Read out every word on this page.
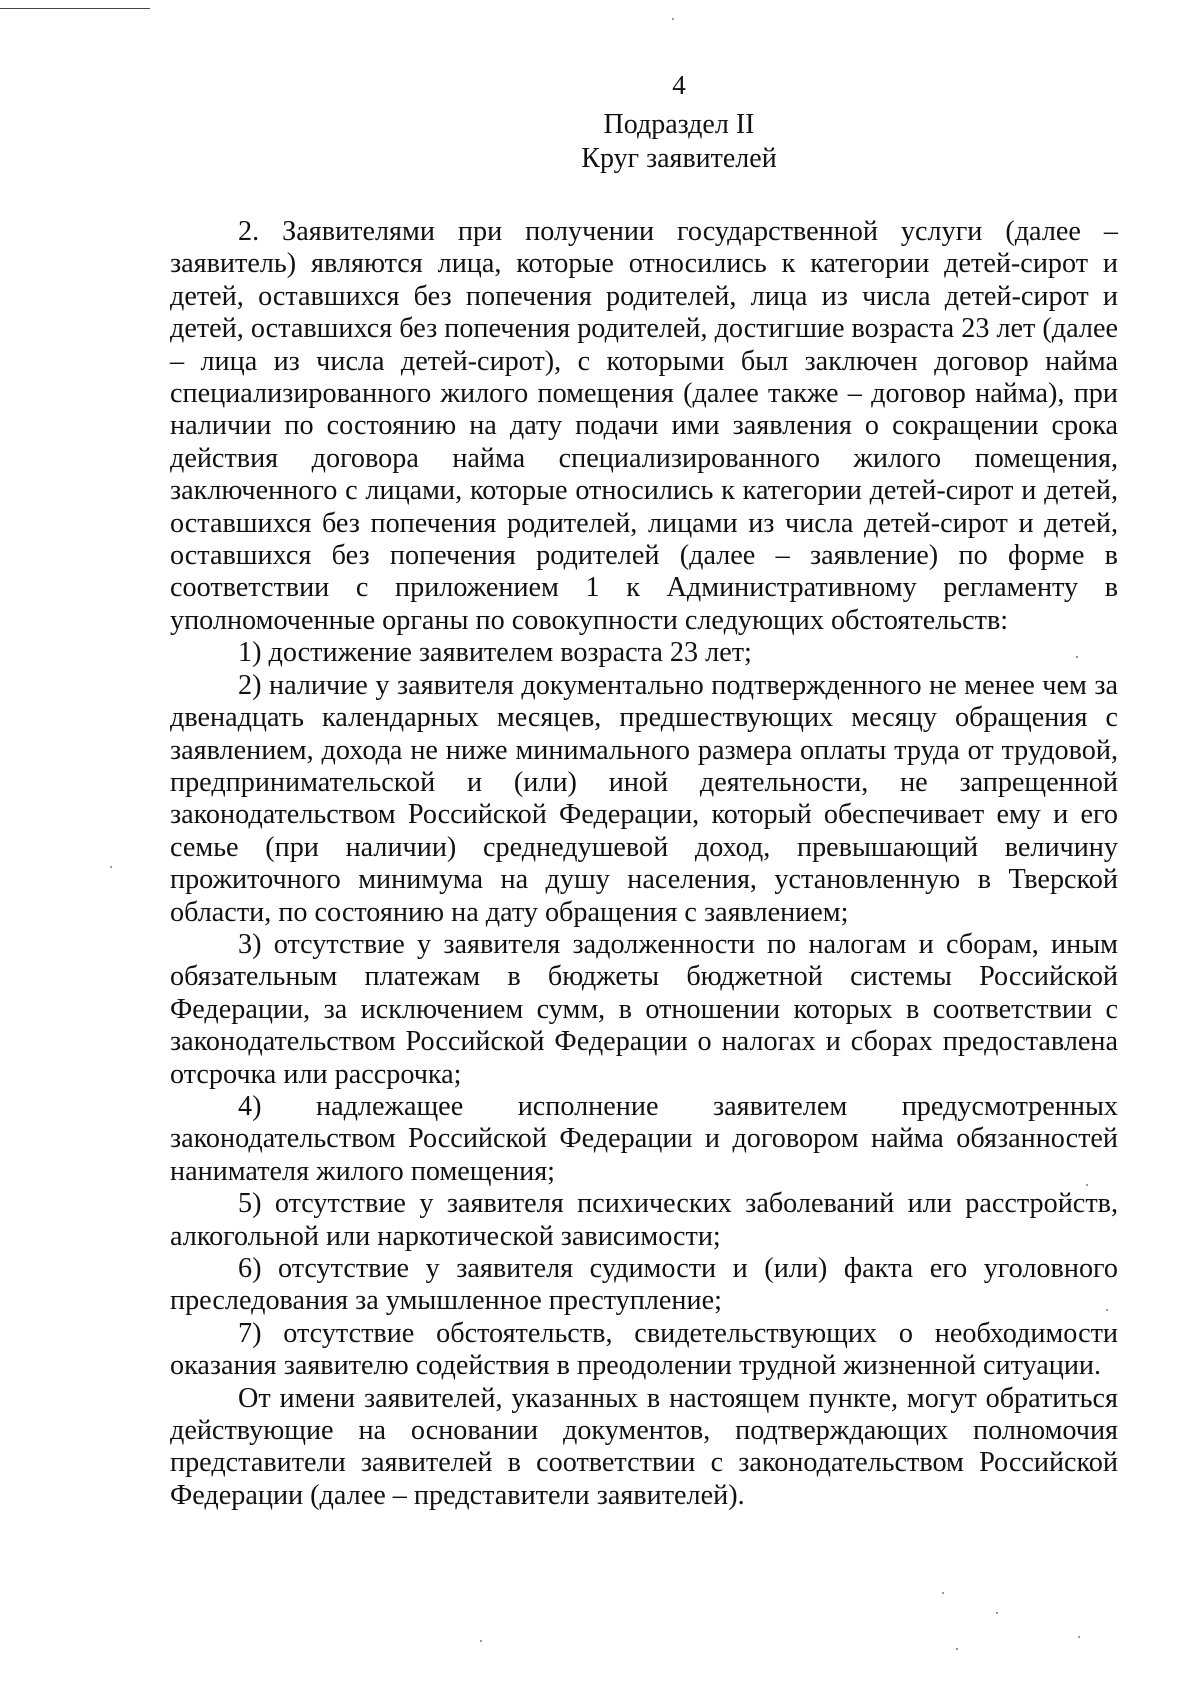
4
Подраздел II
Круг заявителей

2. Заявителями при получении государственной услуги (далее – заявитель) являются лица, которые относились к категории детей-сирот и детей, оставшихся без попечения родителей, лица из числа детей-сирот и детей, оставшихся без попечения родителей, достигшие возраста 23 лет (далее – лица из числа детей-сирот), с которыми был заключен договор найма специализированного жилого помещения (далее также – договор найма), при наличии по состоянию на дату подачи ими заявления о сокращении срока действия договора найма специализированного жилого помещения, заключенного с лицами, которые относились к категории детей-сирот и детей, оставшихся без попечения родителей, лицами из числа детей-сирот и детей, оставшихся без попечения родителей (далее – заявление) по форме в соответствии с приложением 1 к Административному регламенту в уполномоченные органы по совокупности следующих обстоятельств:

1) достижение заявителем возраста 23 лет;

2) наличие у заявителя документально подтвержденного не менее чем за двенадцать календарных месяцев, предшествующих месяцу обращения с заявлением, дохода не ниже минимального размера оплаты труда от трудовой, предпринимательской и (или) иной деятельности, не запрещенной законодательством Российской Федерации, который обеспечивает ему и его семье (при наличии) среднедушевой доход, превышающий величину прожиточного минимума на душу населения, установленную в Тверской области, по состоянию на дату обращения с заявлением;

3) отсутствие у заявителя задолженности по налогам и сборам, иным обязательным платежам в бюджеты бюджетной системы Российской Федерации, за исключением сумм, в отношении которых в соответствии с законодательством Российской Федерации о налогах и сборах предоставлена отсрочка или рассрочка;

4) надлежащее исполнение заявителем предусмотренных законодательством Российской Федерации и договором найма обязанностей нанимателя жилого помещения;

5) отсутствие у заявителя психических заболеваний или расстройств, алкогольной или наркотической зависимости;

6) отсутствие у заявителя судимости и (или) факта его уголовного преследования за умышленное преступление;

7) отсутствие обстоятельств, свидетельствующих о необходимости оказания заявителю содействия в преодолении трудной жизненной ситуации.

От имени заявителей, указанных в настоящем пункте, могут обратиться действующие на основании документов, подтверждающих полномочия представители заявителей в соответствии с законодательством Российской Федерации (далее – представители заявителей).
